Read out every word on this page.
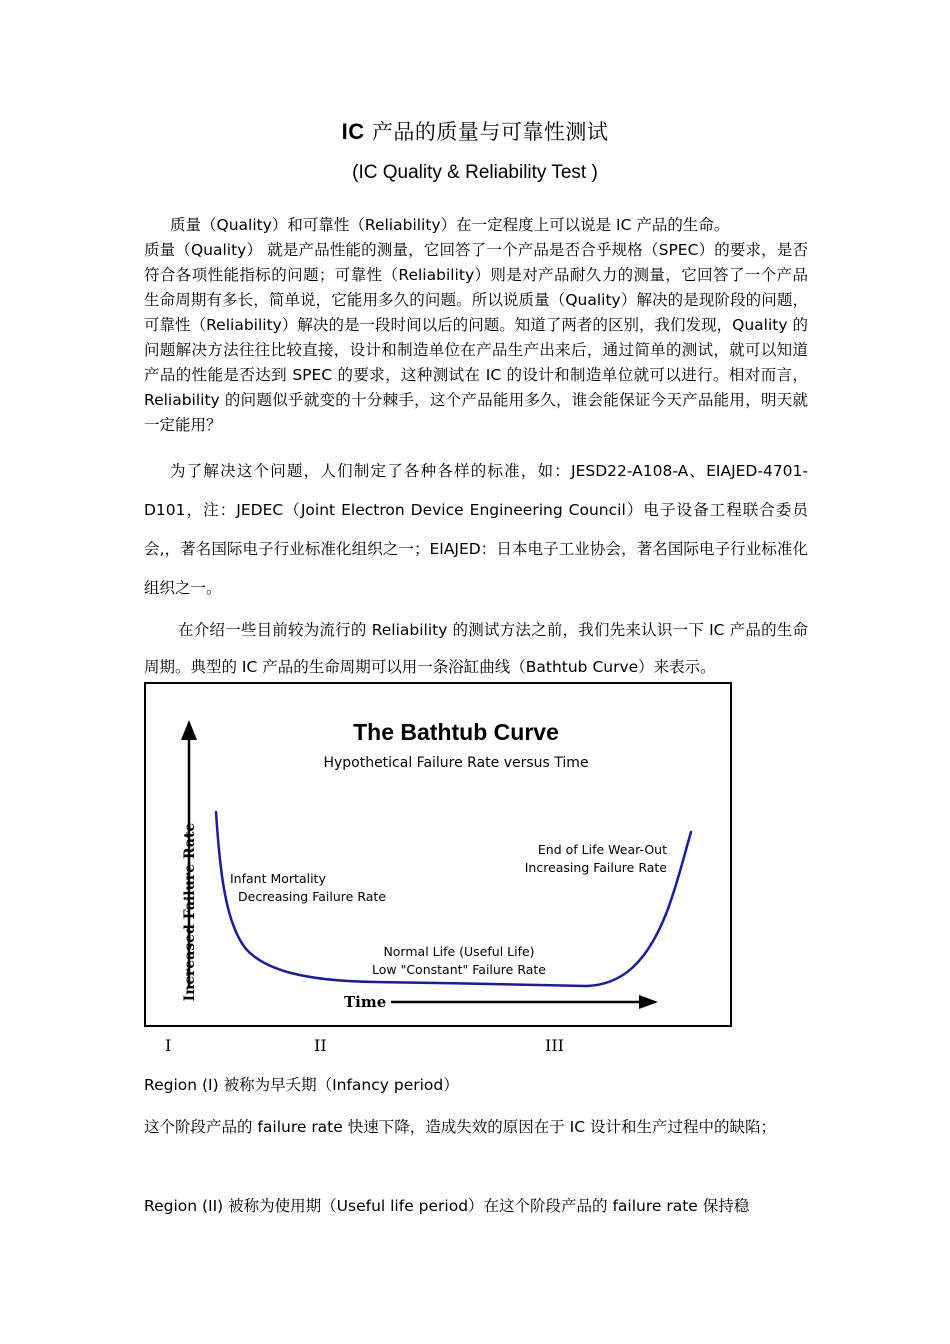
IC 产品的质量与可靠性测试
(IC Quality & Reliability Test )

质量（Quality）和可靠性（Reliability）在一定程度上可以说是 IC 产品的生命。
质量（Quality） 就是产品性能的测量，它回答了一个产品是否合乎规格（SPEC）的要求，是否符合各项性能指标的问题；可靠性（Reliability）则是对产品耐久力的测量，它回答了一个产品生命周期有多长，简单说，它能用多久的问题。所以说质量（Quality）解决的是现阶段的问题，可靠性（Reliability）解决的是一段时间以后的问题。知道了两者的区别，我们发现，Quality 的问题解决方法往往比较直接，设计和制造单位在产品生产出来后，通过简单的测试，就可以知道产品的性能是否达到 SPEC 的要求，这种测试在 IC 的设计和制造单位就可以进行。相对而言，Reliability 的问题似乎就变的十分棘手，这个产品能用多久，谁会能保证今天产品能用，明天就一定能用？

为了解决这个问题，人们制定了各种各样的标准，如：JESD22-A108-A、EIAJED-4701-D101，注：JEDEC（Joint Electron Device Engineering Council）电子设备工程联合委员会,，著名国际电子行业标准化组织之一；EIAJED：日本电子工业协会，著名国际电子行业标准化组织之一。

在介绍一些目前较为流行的 Reliability 的测试方法之前，我们先来认识一下 IC 产品的生命周期。典型的 IC 产品的生命周期可以用一条浴缸曲线（Bathtub Curve）来表示。

The Bathtub Curve
Hypothetical Failure Rate versus Time
Increased Failure Rate
Time
Infant Mortality
Decreasing Failure Rate
Normal Life (Useful Life)
Low "Constant" Failure Rate
End of Life Wear-Out
Increasing Failure Rate
I	II	III

Region (I) 被称为早夭期（Infancy period）

这个阶段产品的 failure rate 快速下降，造成失效的原因在于 IC 设计和生产过程中的缺陷；

Region (II) 被称为使用期（Useful life period）在这个阶段产品的 failure rate 保持稳
